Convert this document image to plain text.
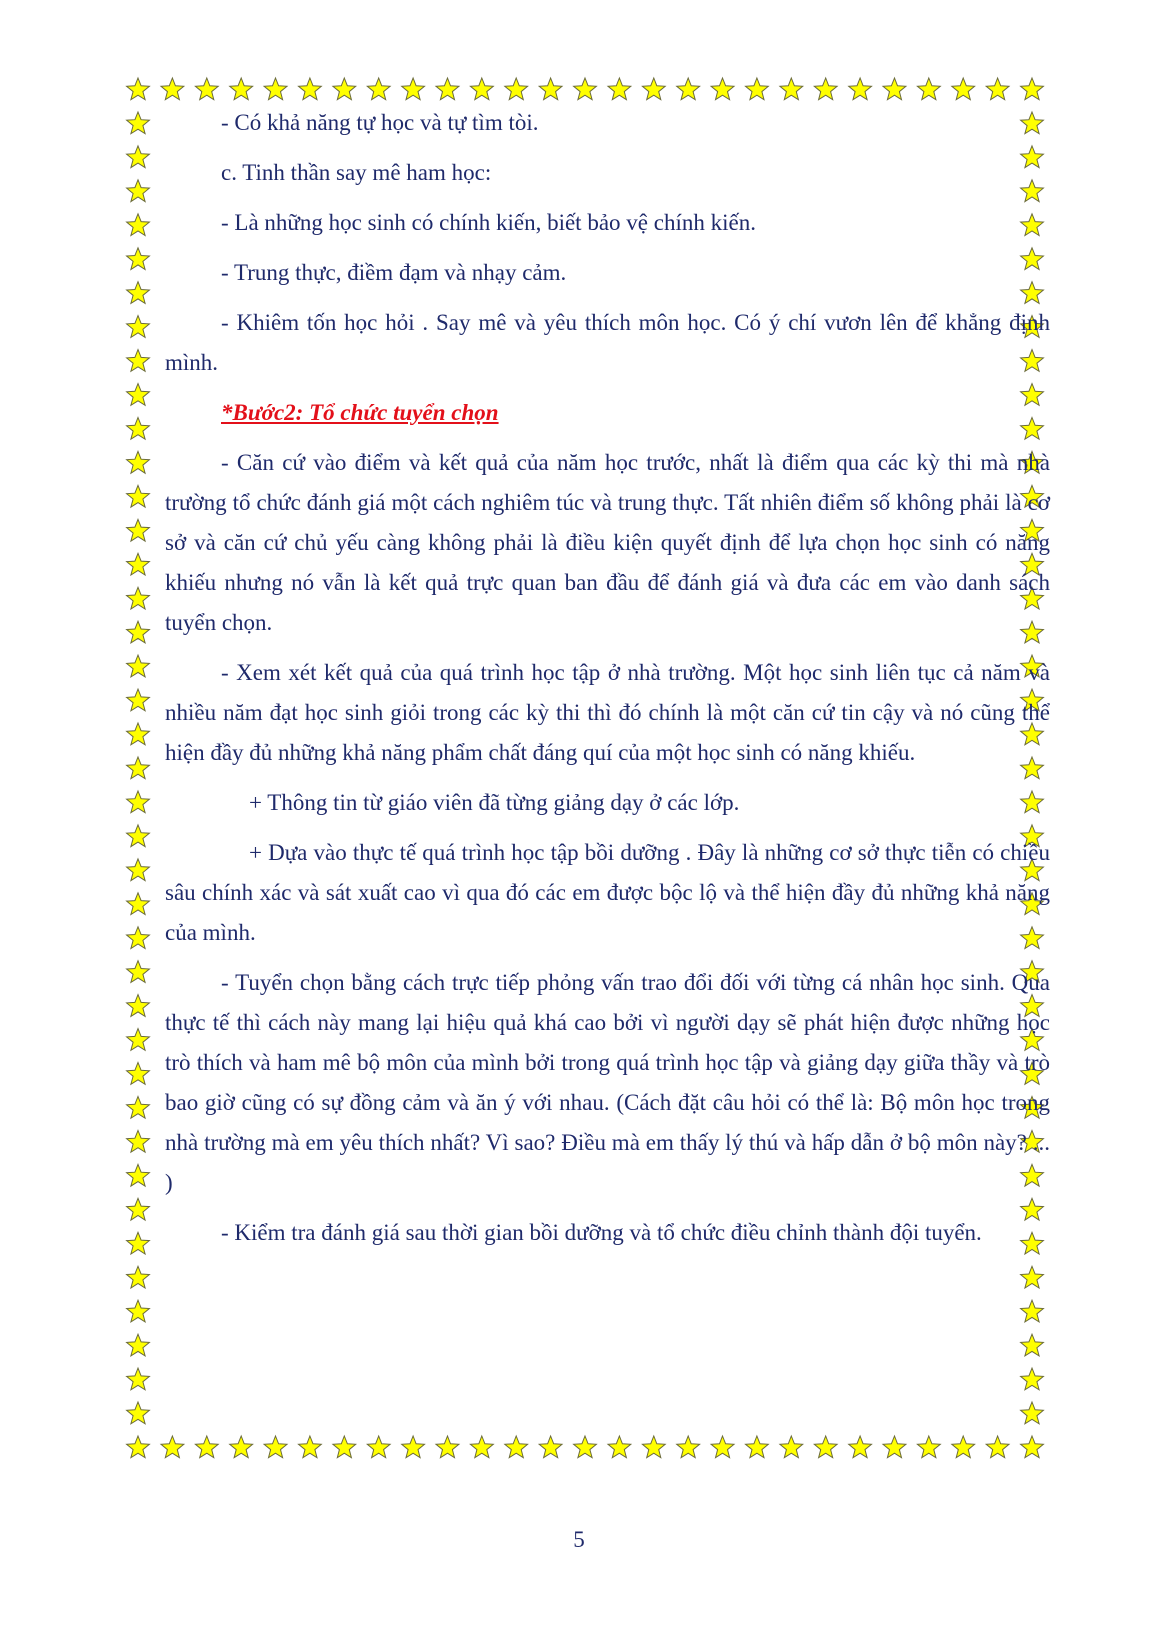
- Có khả năng tự học và tự tìm tòi.

c. Tinh thần say mê ham học:

- Là những học sinh có chính kiến, biết bảo vệ chính kiến.

- Trung thực, điềm đạm và nhạy cảm.

- Khiêm tốn học hỏi . Say mê và yêu thích môn học. Có ý chí vươn lên để khẳng định mình.

*Bước2: Tổ chức tuyển chọn

- Căn cứ vào điểm và kết quả của năm học trước, nhất là điểm qua các kỳ thi mà nhà trường tổ chức đánh giá một cách nghiêm túc và trung thực. Tất nhiên điểm số không phải là cơ sở và căn cứ chủ yếu càng không phải là điều kiện quyết định để lựa chọn học sinh có năng khiếu nhưng nó vẫn là kết quả trực quan ban đầu để đánh giá và đưa các em vào danh sách tuyển chọn.

- Xem xét kết quả của quá trình học tập ở nhà trường. Một học sinh liên tục cả năm và nhiều năm đạt học sinh giỏi trong các kỳ thi thì đó chính là một căn cứ tin cậy và nó cũng thể hiện đầy đủ những khả năng phẩm chất đáng quí của một học sinh có năng khiếu.

+ Thông tin từ giáo viên đã từng giảng dạy ở các lớp.

+ Dựa vào thực tế quá trình học tập bồi dưỡng . Đây là những cơ sở thực tiễn có chiều sâu chính xác và sát xuất cao vì qua đó các em được bộc lộ và thể hiện đầy đủ những khả năng của mình.

- Tuyển chọn bằng cách trực tiếp phỏng vấn trao đổi đối với từng cá nhân học sinh. Qua thực tế thì cách này mang lại hiệu quả khá cao bởi vì người dạy sẽ phát hiện được những học trò thích và ham mê bộ môn của mình bởi trong quá trình học tập và giảng dạy giữa thầy và trò bao giờ cũng có sự đồng cảm và ăn ý với nhau. (Cách đặt câu hỏi có thể là: Bộ môn học trong nhà trường mà em yêu thích nhất? Vì sao? Điều mà em thấy lý thú và hấp dẫn ở bộ môn này? ... )

- Kiểm tra đánh giá sau thời gian bồi dưỡng và tổ chức điều chỉnh thành đội tuyển.

5
